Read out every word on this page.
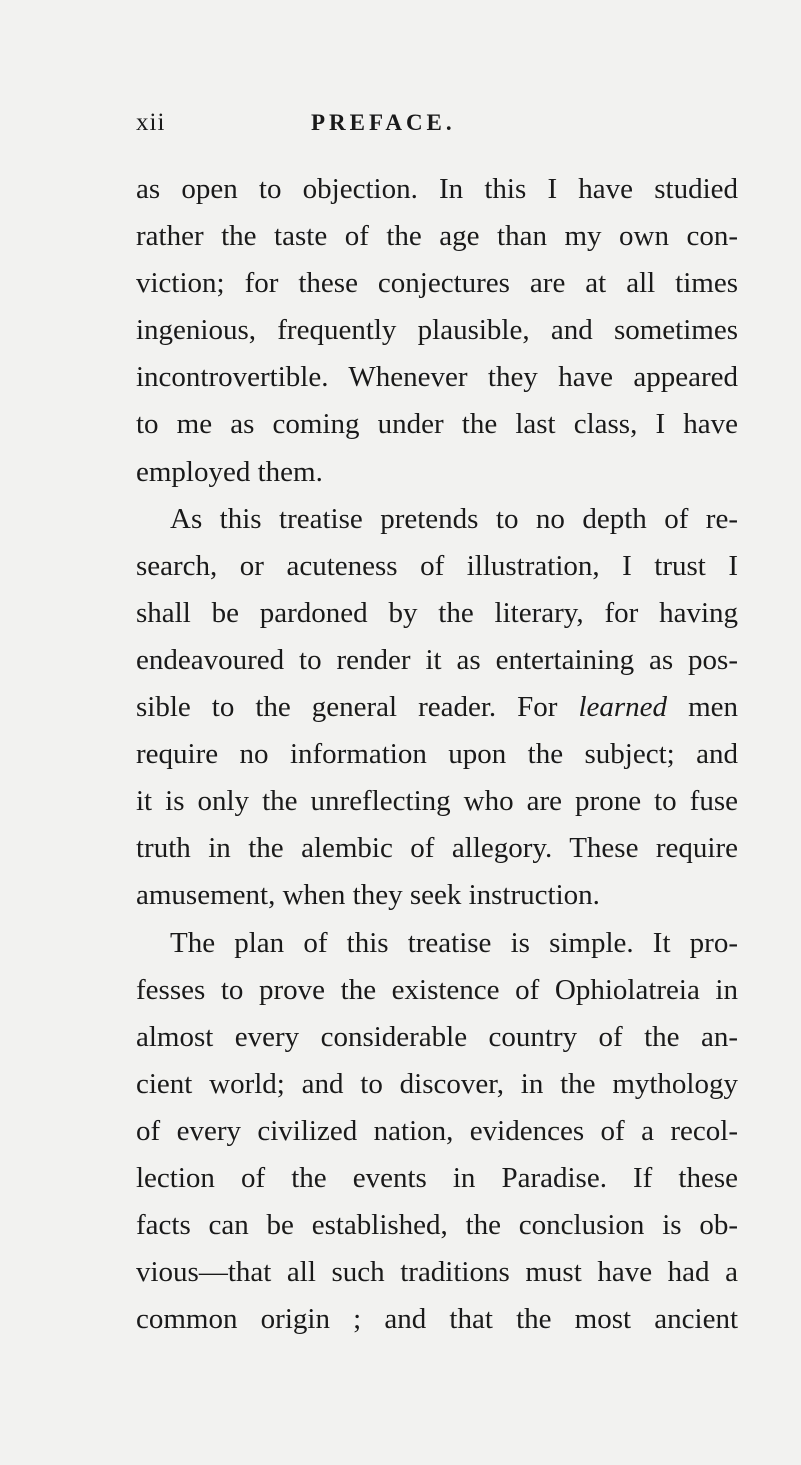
xii	PREFACE.
as open to objection. In this I have studied
rather the taste of the age than my own con-
viction; for these conjectures are at all times
ingenious, frequently plausible, and sometimes
incontrovertible. Whenever they have appeared
to me as coming under the last class, I have
employed them.
As this treatise pretends to no depth of re-
search, or acuteness of illustration, I trust I
shall be pardoned by the literary, for having
endeavoured to render it as entertaining as pos-
sible to the general reader. For learned men
require no information upon the subject; and
it is only the unreflecting who are prone to fuse
truth in the alembic of allegory. These require
amusement, when they seek instruction.
The plan of this treatise is simple. It pro-
fesses to prove the existence of Ophiolatreia in
almost every considerable country of the an-
cient world; and to discover, in the mythology
of every civilized nation, evidences of a recol-
lection of the events in Paradise. If these
facts can be established, the conclusion is ob-
vious—that all such traditions must have had a
common origin ; and that the most ancient
